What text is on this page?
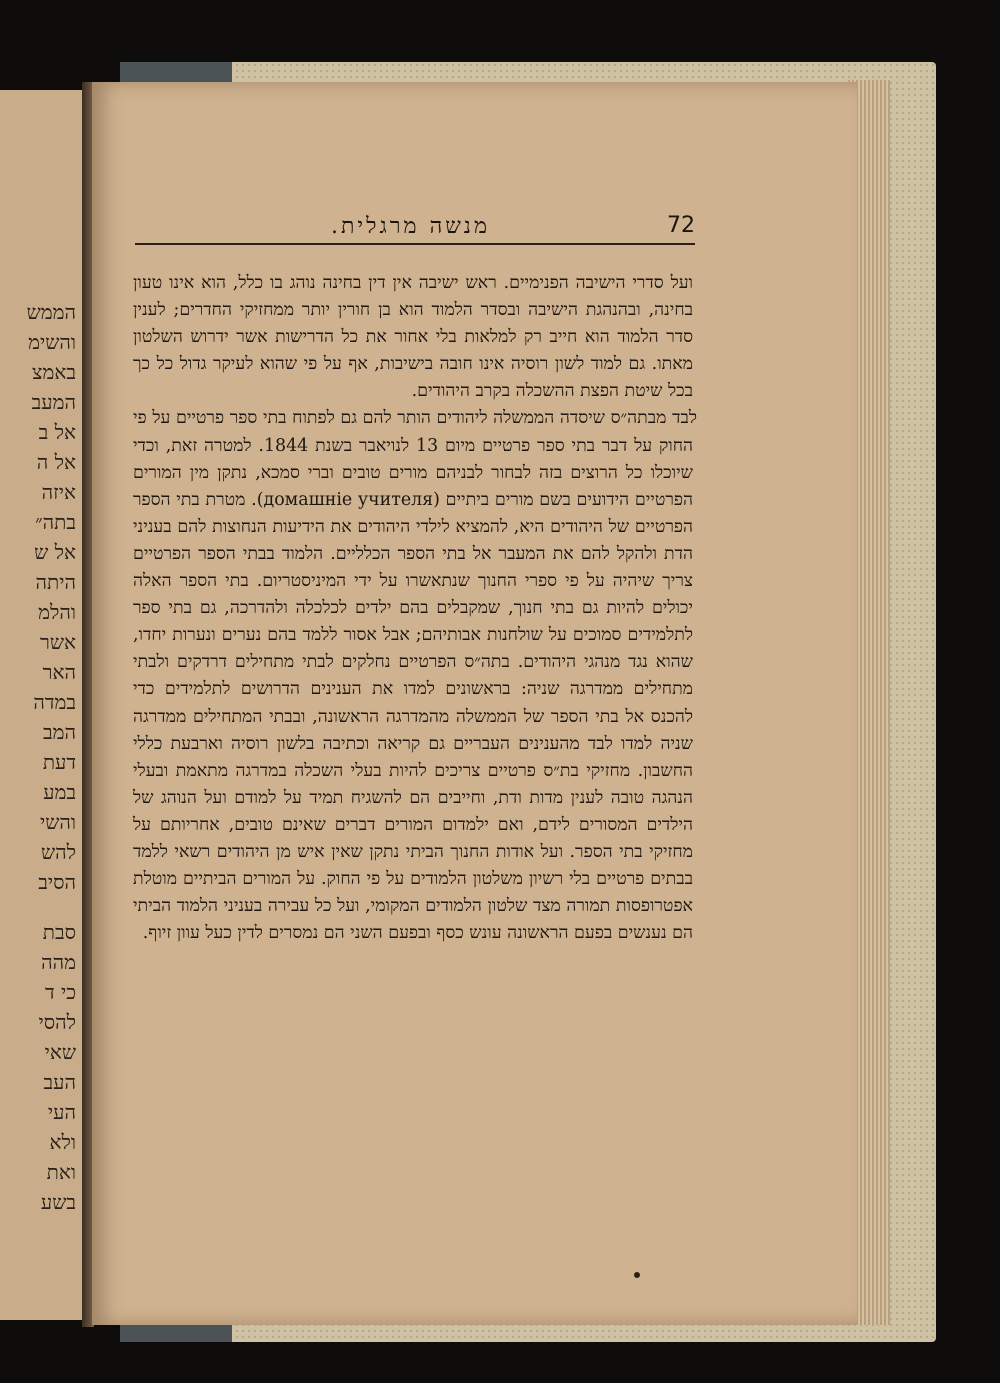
הממש
והשימ
באמצ
המעב
אל ב
אל ה
איזה
בתה״
אל ש
היתה
והלמ
אשר
האר
במדה
המב
דעת
במע
והשי
להש
הסיב
סבת
מהה
כי ד
להסי
שאי
העב
העי
ולא
ואת
בשע
72
מנשה מרגלית.

ועל סדרי הישיבה הפנימיים. ראש ישיבה אין דין בחינה נוהג בו כלל, הוא אינו טעון בחינה, ובהנהגת הישיבה ובסדר הלמוד הוא בן חורין יותר ממחזיקי החדרים; לענין סדר הלמוד הוא חייב רק למלאות בלי אחור את כל הדרישות אשר ידרוש השלטון מאתו. גם למוד לשון רוסיה אינו חובה בישיבות, אף על פי שהוא לעיקר גדול כל כך בכל שיטת הפצת ההשכלה בקרב היהודים.

לבד מבתה״ס שיסדה הממשלה ליהודים הותר להם גם לפתוח בתי ספר פרטיים על פי החוק על דבר בתי ספר פרטיים מיום 13 לנויאבר בשנת 1844. למטרה זאת, וכדי שיוכלו כל הרוצים בזה לבחור לבניהם מורים טובים וברי סמכא, נתקן מין המורים הפרטיים הידועים בשם מורים ביתיים (домашніе учителя). מטרת בתי הספר הפרטיים של היהודים היא, להמציא לילדי היהודים את הידיעות הנחוצות להם בעניני הדת ולהקל להם את המעבר אל בתי הספר הכלליים. הלמוד בבתי הספר הפרטיים צריך שיהיה על פי ספרי החנוך שנתאשרו על ידי המיניסטריום. בתי הספר האלה יכולים להיות גם בתי חנוך, שמקבלים בהם ילדים לכלכלה ולהדרכה, גם בתי ספר לתלמידים סמוכים על שולחנות אבותיהם; אבל אסור ללמד בהם נערים ונערות יחדו, שהוא נגד מנהגי היהודים. בתה״ס הפרטיים נחלקים לבתי מתחילים דרדקים ולבתי מתחילים ממדרגה שניה: בראשונים למדו את הענינים הדרושים לתלמידים כדי להכנס אל בתי הספר של הממשלה מהמדרגה הראשונה, ובבתי המתחילים ממדרגה שניה למדו לבד מהענינים העבריים גם קריאה וכתיבה בלשון רוסיה וארבעת כללי החשבון. מחזיקי בת״ס פרטיים צריכים להיות בעלי השכלה במדרגה מתאמת ובעלי הנהגה טובה לענין מדות ודת, וחייבים הם להשגיח תמיד על למודם ועל הנוהג של הילדים המסורים לידם, ואם ילמדום המורים דברים שאינם טובים, אחריותם על מחזיקי בתי הספר. ועל אודות החנוך הביתי נתקן שאין איש מן היהודים רשאי ללמד בבתים פרטיים בלי רשיון משלטון הלמודים על פי החוק. על המורים הביתיים מוטלת אפטרופסות תמורה מצד שלטון הלמודים המקומי, ועל כל עבירה בעניני הלמוד הביתי הם נענשים בפעם הראשונה עונש כסף ובפעם השני הם נמסרים לדין כעל עוון זיוף.
